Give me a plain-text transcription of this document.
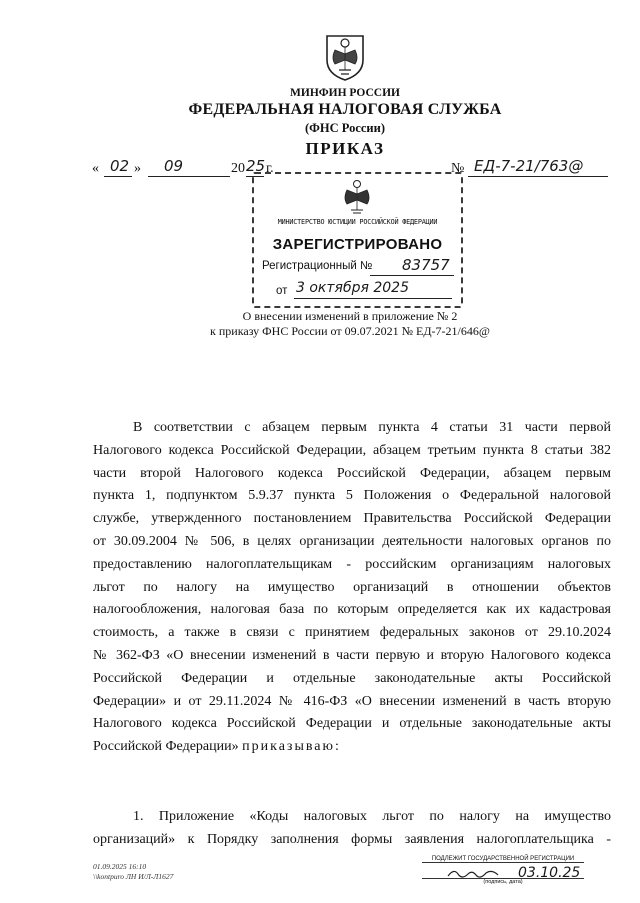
МИНФИН РОССИИ
ФЕДЕРАЛЬНАЯ НАЛОГОВАЯ СЛУЖБА
(ФНС России)
ПРИКАЗ
« 02 » 09	20 25 г.	№ ЕД-7-21/763@
МИНИСТЕРСТВО ЮСТИЦИИ РОССИЙСКОЙ ФЕДЕРАЦИИ
ЗАРЕГИСТРИРОВАНО
Регистрационный № 83757
от 3 октября 2025
О внесении изменений в приложение № 2
к приказу ФНС России от 09.07.2021 № ЕД-7-21/646@
В соответствии с абзацем первым пункта 4 статьи 31 части первой
Налогового кодекса Российской Федерации, абзацем третьим пункта 8 статьи 382
части второй Налогового кодекса Российской Федерации, абзацем первым
пункта 1, подпунктом 5.9.37 пункта 5 Положения о Федеральной налоговой
службе, утвержденного постановлением Правительства Российской Федерации
от 30.09.2004 № 506, в целях организации деятельности налоговых органов по
предоставлению налогоплательщикам - российским организациям налоговых
льгот по налогу на имущество организаций в отношении объектов
налогообложения, налоговая база по которым определяется как их кадастровая
стоимость, а также в связи с принятием федеральных законов от 29.10.2024
№ 362-ФЗ «О внесении изменений в части первую и вторую Налогового кодекса
Российской Федерации и отдельные законодательные акты Российской
Федерации» и от 29.11.2024 № 416-ФЗ «О внесении изменений в часть вторую
Налогового кодекса Российской Федерации и отдельные законодательные акты
Российской Федерации» приказываю:
1. Приложение «Коды налоговых льгот по налогу на имущество
организаций» к Порядку заполнения формы заявления налогоплательщика -
01.09.2025 16:10
\\kontpuro ЛН И/Л-Л1627
ПОДЛЕЖИТ ГОСУДАРСТВЕННОЙ РЕГИСТРАЦИИ
03.10.25
(подпись, дата)
